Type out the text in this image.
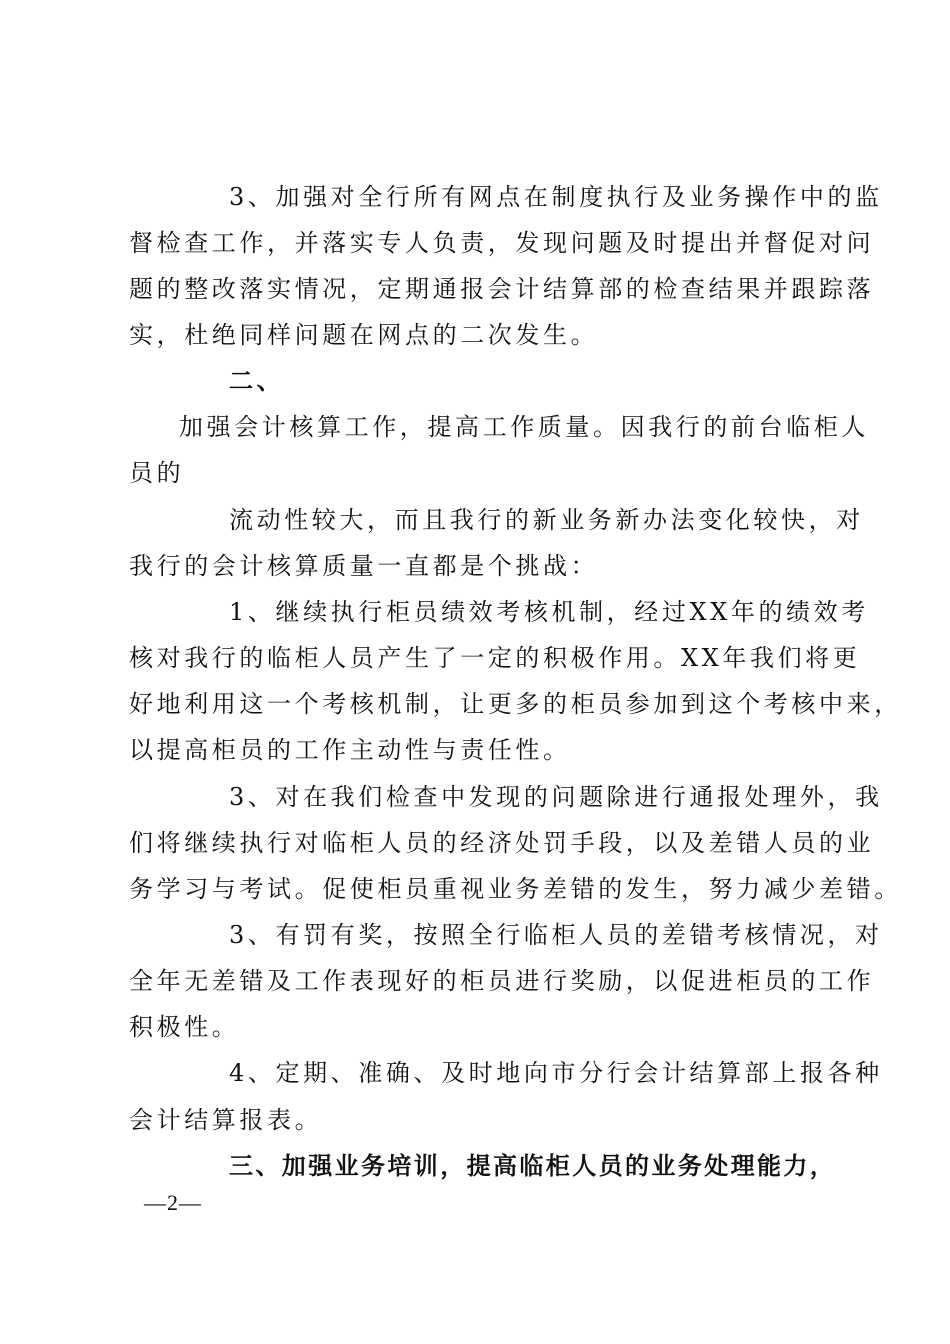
3、加强对全行所有网点在制度执行及业务操作中的监
督检查工作，并落实专人负责，发现问题及时提出并督促对问
题的整改落实情况，定期通报会计结算部的检查结果并跟踪落
实，杜绝同样问题在网点的二次发生。
二、
加强会计核算工作，提高工作质量。因我行的前台临柜人
员的
流动性较大，而且我行的新业务新办法变化较快，对
我行的会计核算质量一直都是个挑战：
1、继续执行柜员绩效考核机制，经过XX年的绩效考
核对我行的临柜人员产生了一定的积极作用。XX年我们将更
好地利用这一个考核机制，让更多的柜员参加到这个考核中来，
以提高柜员的工作主动性与责任性。
3、对在我们检查中发现的问题除进行通报处理外，我
们将继续执行对临柜人员的经济处罚手段，以及差错人员的业
务学习与考试。促使柜员重视业务差错的发生，努力减少差错。
3、有罚有奖，按照全行临柜人员的差错考核情况，对
全年无差错及工作表现好的柜员进行奖励，以促进柜员的工作
积极性。
4、定期、准确、及时地向市分行会计结算部上报各种
会计结算报表。
三、加强业务培训，提高临柜人员的业务处理能力，
—2—
